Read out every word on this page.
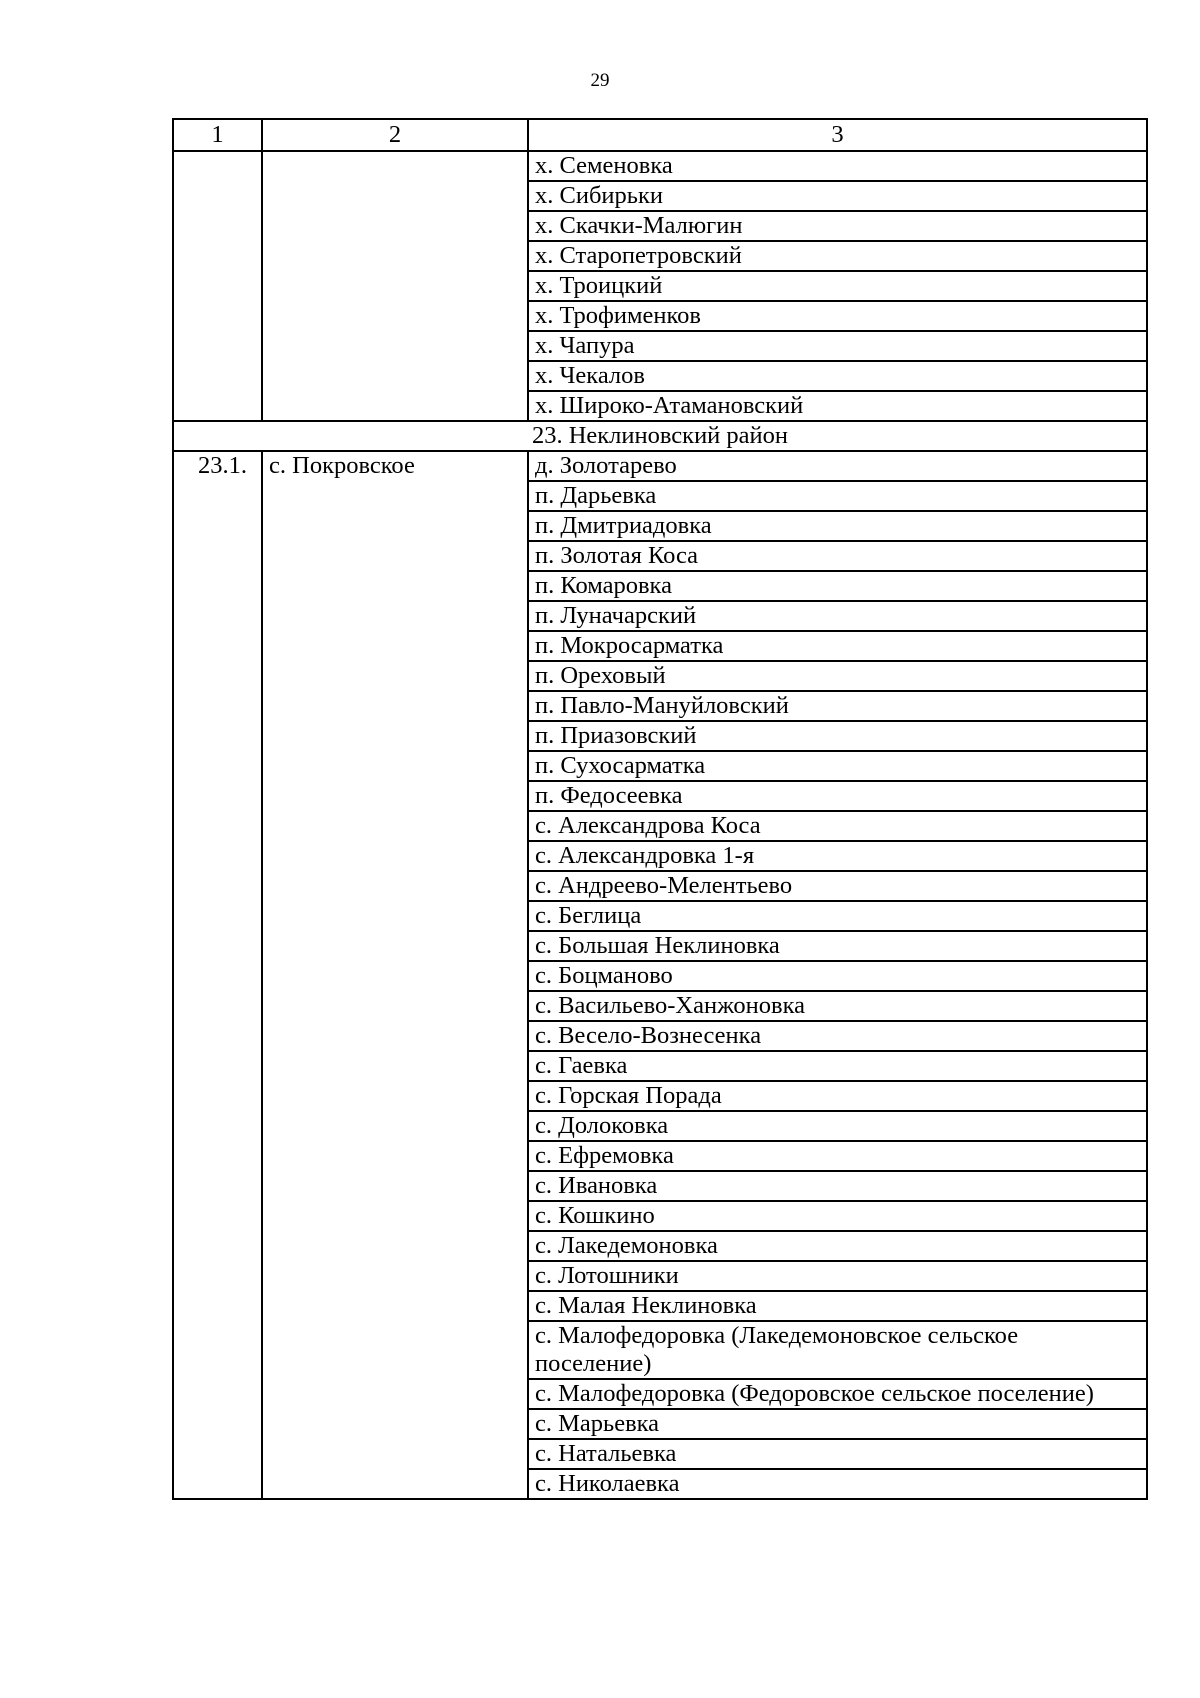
29
1	2	3
		х. Семеновка
		х. Сибирьки
		х. Скачки-Малюгин
		х. Старопетровский
		х. Троицкий
		х. Трофименков
		х. Чапура
		х. Чекалов
		х. Широко-Атамановский
23. Неклиновский район		
23.1.	с. Покровское	д. Золотарево
		п. Дарьевка
		п. Дмитриадовка
		п. Золотая Коса
		п. Комаровка
		п. Луначарский
		п. Мокросарматка
		п. Ореховый
		п. Павло-Мануйловский
		п. Приазовский
		п. Сухосарматка
		п. Федосеевка
		с. Александрова Коса
		с. Александровка 1-я
		с. Андреево-Мелентьево
		с. Беглица
		с. Большая Неклиновка
		с. Боцманово
		с. Васильево-Ханжоновка
		с. Весело-Вознесенка
		с. Гаевка
		с. Горская Порада
		с. Долоковка
		с. Ефремовка
		с. Ивановка
		с. Кошкино
		с. Лакедемоновка
		с. Лотошники
		с. Малая Неклиновка
		с. Малофедоровка (Лакедемоновское сельское поселение)
		с. Малофедоровка (Федоровское сельское поселение)
		с. Марьевка
		с. Натальевка
		с. Николаевка
